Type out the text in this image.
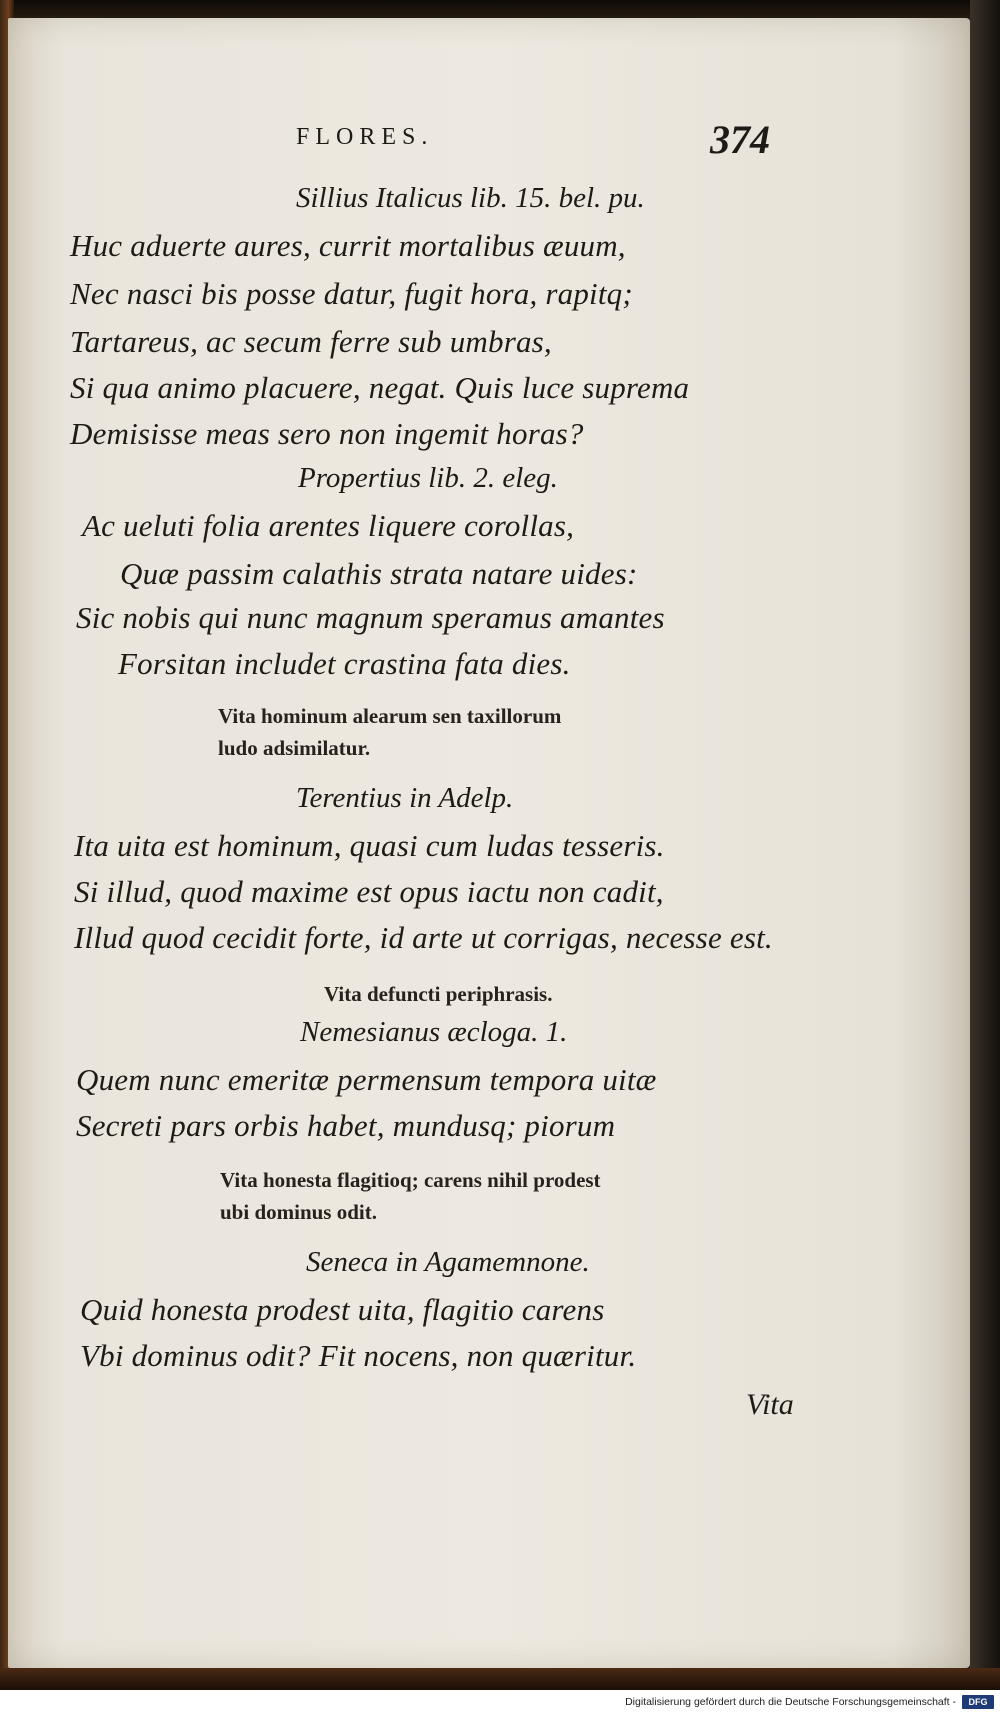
FLORES.	374
Sillius Italicus lib. 15. bel. pu.
Huc aduerte aures, currit mortalibus æuum,
Nec nasci bis posse datur, fugit hora, rapitq;
Tartareus, ac secum ferre sub umbras,
Si qua animo placuere, negat. Quis luce suprema
Demisisse meas sero non ingemit horas?
Propertius lib. 2. eleg.
Ac ueluti folia arentes liquere corollas,
Quæ passim calathis strata natare uides:
Sic nobis qui nunc magnum speramus amantes
Forsitan includet crastina fata dies.
Vita hominum alearum sen taxillorum
ludo adsimilatur.
Terentius in Adelp.
Ita uita est hominum, quasi cum ludas tesseris.
Si illud, quod maxime est opus iactu non cadit,
Illud quod cecidit forte, id arte ut corrigas, necesse est.
Vita defuncti periphrasis.
Nemesianus æcloga. 1.
Quem nunc emeritæ permensum tempora uitæ
Secreti pars orbis habet, mundusq; piorum
Vita honesta flagitioq; carens nihil prodest
ubi dominus odit.
Seneca in Agamemnone.
Quid honesta prodest uita, flagitio carens
Vbi dominus odit? Fit nocens, non quæritur.
Vita
Digitalisierung gefördert durch die Deutsche Forschungsgemeinschaft -	DFG
